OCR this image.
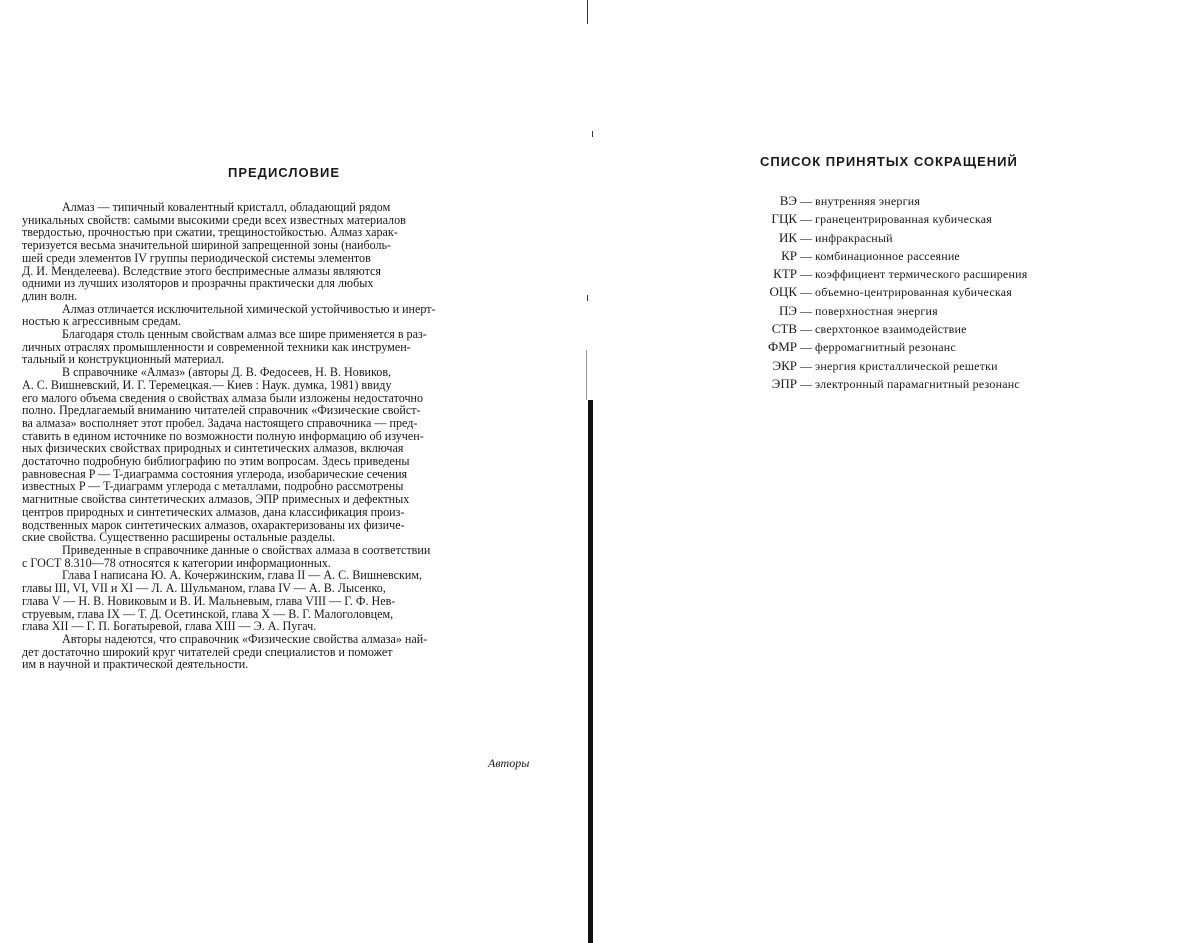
ПРЕДИСЛОВИЕ
Алмаз — типичный ковалентный кристалл, обладающий рядом
уникальных свойств: самыми высокими среди всех известных материалов
твердостью, прочностью при сжатии, трещиностойкостью. Алмаз харак-
теризуется весьма значительной шириной запрещенной зоны (наиболь-
шей среди элементов IV группы периодической системы элементов
Д. И. Менделеева). Вследствие этого беспримесные алмазы являются
одними из лучших изоляторов и прозрачны практически для любых
длин волн.
Алмаз отличается исключительной химической устойчивостью и инерт-
ностью к агрессивным средам.
Благодаря столь ценным свойствам алмаз все шире применяется в раз-
личных отраслях промышленности и современной техники как инструмен-
тальный и конструкционный материал.
В справочнике «Алмаз» (авторы Д. В. Федосеев, Н. В. Новиков,
А. С. Вишневский, И. Г. Теремецкая.— Киев : Наук. думка, 1981) ввиду
его малого объема сведения о свойствах алмаза были изложены недостаточно
полно. Предлагаемый вниманию читателей справочник «Физические свойст-
ва алмаза» восполняет этот пробел. Задача настоящего справочника — пред-
ставить в едином источнике по возможности полную информацию об изучен-
ных физических свойствах природных и синтетических алмазов, включая
достаточно подробную библиографию по этим вопросам. Здесь приведены
равновесная P — T-диаграмма состояния углерода, изобарические сечения
известных P — T-диаграмм углерода с металлами, подробно рассмотрены
магнитные свойства синтетических алмазов, ЭПР примесных и дефектных
центров природных и синтетических алмазов, дана классификация произ-
водственных марок синтетических алмазов, охарактеризованы их физиче-
ские свойства. Существенно расширены остальные разделы.
Приведенные в справочнике данные о свойствах алмаза в соответствии
с ГОСТ 8.310—78 относятся к категории информационных.
Глава I написана Ю. А. Кочержинским, глава II — А. С. Вишневским,
главы III, VI, VII и XI — Л. А. Шульманом, глава IV — А. В. Лысенко,
глава V — Н. В. Новиковым и В. И. Мальневым, глава VIII — Г. Ф. Нев-
струевым, глава IX — Т. Д. Осетинской, глава X — В. Г. Малоголовцем,
глава XII — Г. П. Богатыревой, глава XIII — Э. А. Пугач.
Авторы надеются, что справочник «Физические свойства алмаза» най-
дет достаточно широкий круг читателей среди специалистов и поможет
им в научной и практической деятельности.
Авторы
СПИСОК ПРИНЯТЫХ СОКРАЩЕНИЙ
ВЭ — внутренняя энергия
ГЦК — гранецентрированная кубическая
ИК — инфракрасный
КР — комбинационное рассеяние
КТР — коэффициент термического расширения
ОЦК — объемно-центрированная кубическая
ПЭ — поверхностная энергия
СТВ — сверхтонкое взаимодействие
ФМР — ферромагнитный резонанс
ЭКР — энергия кристаллической решетки
ЭПР — электронный парамагнитный резонанс
